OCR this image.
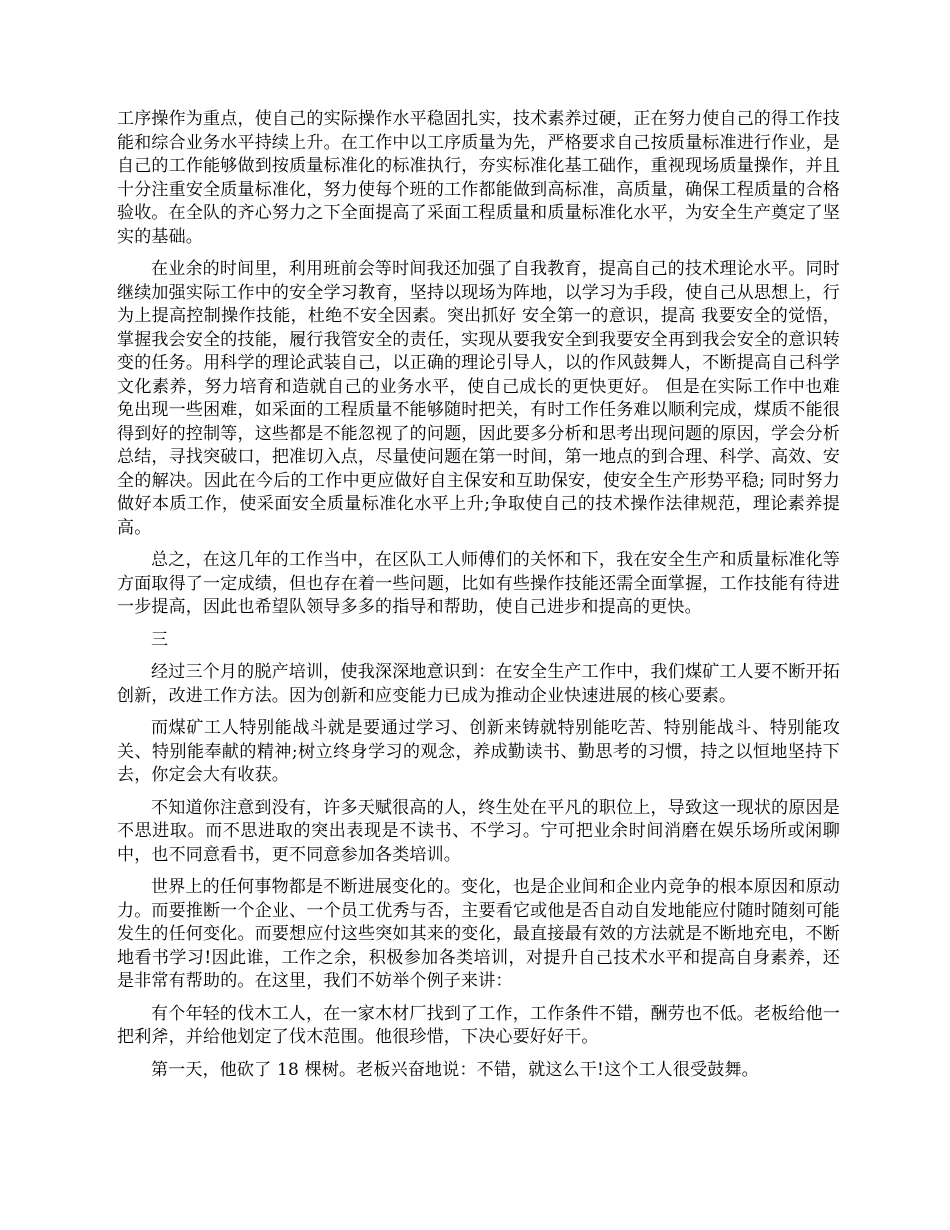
工序操作为重点，使自己的实际操作水平稳固扎实，技术素养过硬，正在努力使自己的得工作技能和综合业务水平持续上升。在工作中以工序质量为先，严格要求自己按质量标准进行作业，是自己的工作能够做到按质量标准化的标准执行，夯实标准化基工础作，重视现场质量操作，并且十分注重安全质量标准化，努力使每个班的工作都能做到高标准，高质量，确保工程质量的合格验收。在全队的齐心努力之下全面提高了采面工程质量和质量标准化水平，为安全生产奠定了坚实的基础。

在业余的时间里，利用班前会等时间我还加强了自我教育，提高自己的技术理论水平。同时继续加强实际工作中的安全学习教育，坚持以现场为阵地，以学习为手段，使自己从思想上，行为上提高控制操作技能，杜绝不安全因素。突出抓好 安全第一的意识，提高 我要安全的觉悟，掌握我会安全的技能，履行我管安全的责任，实现从要我安全到我要安全再到我会安全的意识转变的任务。用科学的理论武装自己，以正确的理论引导人，以的作风鼓舞人，不断提高自己科学文化素养，努力培育和造就自己的业务水平，使自己成长的更快更好。 但是在实际工作中也难免出现一些困难，如采面的工程质量不能够随时把关，有时工作任务难以顺利完成，煤质不能很得到好的控制等，这些都是不能忽视了的问题，因此要多分析和思考出现问题的原因，学会分析总结，寻找突破口，把准切入点，尽量使问题在第一时间，第一地点的到合理、科学、高效、安全的解决。因此在今后的工作中更应做好自主保安和互助保安，使安全生产形势平稳; 同时努力做好本质工作，使采面安全质量标准化水平上升;争取使自己的技术操作法律规范，理论素养提高。

总之，在这几年的工作当中，在区队工人师傅们的关怀和下，我在安全生产和质量标准化等方面取得了一定成绩，但也存在着一些问题，比如有些操作技能还需全面掌握，工作技能有待进一步提高，因此也希望队领导多多的指导和帮助，使自己进步和提高的更快。

三

经过三个月的脱产培训，使我深深地意识到：在安全生产工作中，我们煤矿工人要不断开拓创新，改进工作方法。因为创新和应变能力已成为推动企业快速进展的核心要素。

而煤矿工人特别能战斗就是要通过学习、创新来铸就特别能吃苦、特别能战斗、特别能攻关、特别能奉献的精神;树立终身学习的观念，养成勤读书、勤思考的习惯，持之以恒地坚持下去，你定会大有收获。

不知道你注意到没有，许多天赋很高的人，终生处在平凡的职位上，导致这一现状的原因是不思进取。而不思进取的突出表现是不读书、不学习。宁可把业余时间消磨在娱乐场所或闲聊中，也不同意看书，更不同意参加各类培训。

世界上的任何事物都是不断进展变化的。变化，也是企业间和企业内竞争的根本原因和原动力。而要推断一个企业、一个员工优秀与否，主要看它或他是否自动自发地能应付随时随刻可能发生的任何变化。而要想应付这些突如其来的变化，最直接最有效的方法就是不断地充电，不断地看书学习!因此谁，工作之余，积极参加各类培训，对提升自己技术水平和提高自身素养，还是非常有帮助的。在这里，我们不妨举个例子来讲：

有个年轻的伐木工人，在一家木材厂找到了工作，工作条件不错，酬劳也不低。老板给他一把利斧，并给他划定了伐木范围。他很珍惜，下决心要好好干。

第一天，他砍了 18 棵树。老板兴奋地说：不错，就这么干!这个工人很受鼓舞。
